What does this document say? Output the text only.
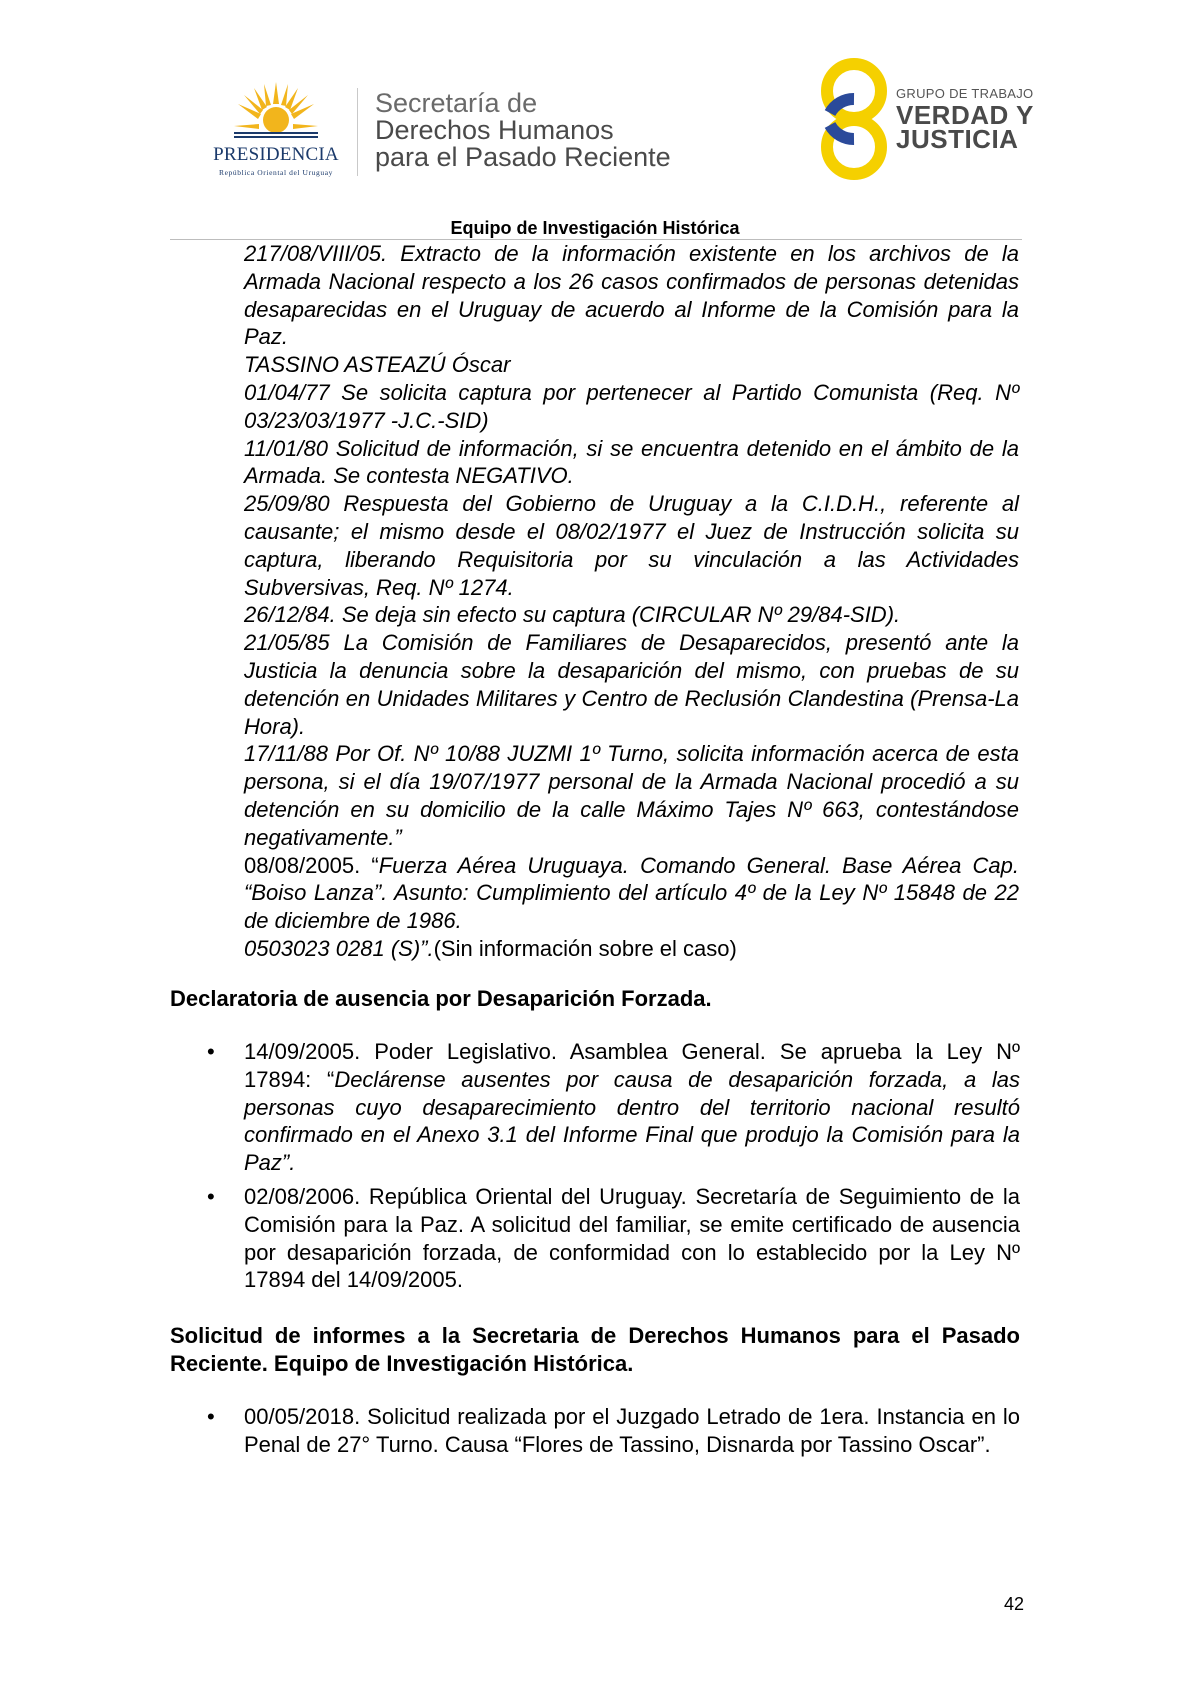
PRESIDENCIA
República Oriental del Uruguay
Secretaría de
Derechos Humanos
para el Pasado Reciente
GRUPO DE TRABAJO
VERDAD Y
JUSTICIA
Equipo de Investigación Histórica

217/08/VIII/05. Extracto de la información existente en los archivos de la Armada Nacional respecto a los 26 casos confirmados de personas detenidas desaparecidas en el Uruguay de acuerdo al Informe de la Comisión para la Paz.

TASSINO ASTEAZÚ Óscar

01/04/77 Se solicita captura por pertenecer al Partido Comunista (Req. Nº 03/23/03/1977 -J.C.-SID)

11/01/80 Solicitud de información, si se encuentra detenido en el ámbito de la Armada. Se contesta NEGATIVO.

25/09/80 Respuesta del Gobierno de Uruguay a la C.I.D.H., referente al causante; el mismo desde el 08/02/1977 el Juez de Instrucción solicita su captura, liberando Requisitoria por su vinculación a las Actividades Subversivas, Req. Nº 1274.

26/12/84. Se deja sin efecto su captura (CIRCULAR Nº 29/84-SID).

21/05/85 La Comisión de Familiares de Desaparecidos, presentó ante la Justicia la denuncia sobre la desaparición del mismo, con pruebas de su detención en Unidades Militares y Centro de Reclusión Clandestina (Prensa-La Hora).

17/11/88 Por Of. Nº 10/88 JUZMI 1º Turno, solicita información acerca de esta persona, si el día 19/07/1977 personal de la Armada Nacional procedió a su detención en su domicilio de la calle Máximo Tajes Nº 663, contestándose negativamente.”

08/08/2005. “Fuerza Aérea Uruguaya. Comando General. Base Aérea Cap. “Boiso Lanza”. Asunto: Cumplimiento del artículo 4º de la Ley Nº 15848 de 22 de diciembre de 1986.

0503023 0281 (S)”.(Sin información sobre el caso)

Declaratoria de ausencia por Desaparición Forzada.

• 14/09/2005. Poder Legislativo. Asamblea General. Se aprueba la Ley Nº 17894: “Declárense ausentes por causa de desaparición forzada, a las personas cuyo desaparecimiento dentro del territorio nacional resultó confirmado en el Anexo 3.1 del Informe Final que produjo la Comisión para la Paz”.
• 02/08/2006. República Oriental del Uruguay. Secretaría de Seguimiento de la Comisión para la Paz. A solicitud del familiar, se emite certificado de ausencia por desaparición forzada, de conformidad con lo establecido por la Ley Nº 17894 del 14/09/2005.

Solicitud de informes a la Secretaria de Derechos Humanos para el Pasado Reciente. Equipo de Investigación Histórica.

• 00/05/2018. Solicitud realizada por el Juzgado Letrado de 1era. Instancia en lo Penal de 27° Turno. Causa “Flores de Tassino, Disnarda por Tassino Oscar”.
42
